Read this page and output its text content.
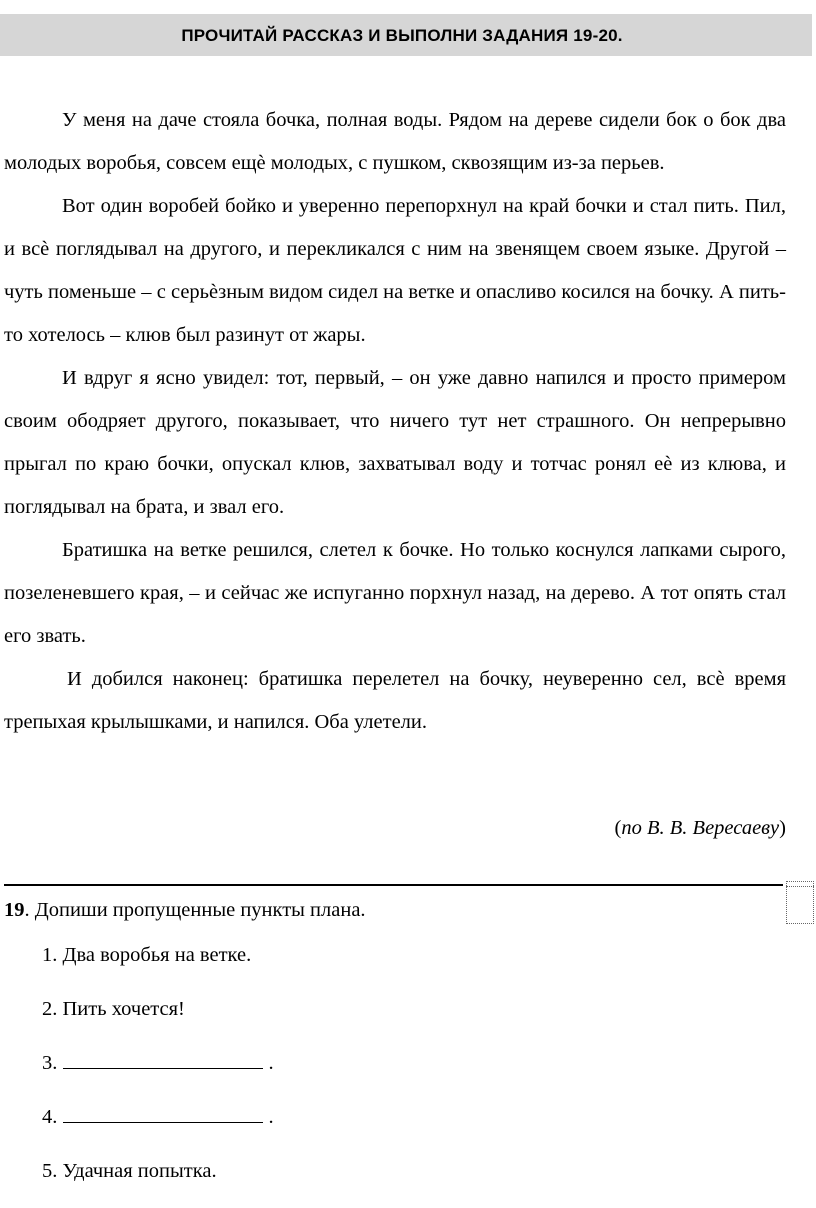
ПРОЧИТАЙ РАССКАЗ И ВЫПОЛНИ ЗАДАНИЯ 19-20.

У меня на даче стояла бочка, полная воды. Рядом на дереве сидели бок о бок два молодых воробья, совсем ещѐ молодых, с пушком, сквозящим из-за перьев.

Вот один воробей бойко и уверенно перепорхнул на край бочки и стал пить. Пил, и всѐ поглядывал на другого, и перекликался с ним на звенящем своем языке. Другой – чуть поменьше – с серьѐзным видом сидел на ветке и опасливо косился на бочку. А пить-то хотелось – клюв был разинут от жары.

И вдруг я ясно увидел: тот, первый, – он уже давно напился и просто примером своим ободряет другого, показывает, что ничего тут нет страшного. Он непрерывно прыгал по краю бочки, опускал клюв, захватывал воду и тотчас ронял еѐ из клюва, и поглядывал на брата, и звал его.

Братишка на ветке решился, слетел к бочке. Но только коснулся лапками сырого, позеленевшего края, – и сейчас же испуганно порхнул назад, на дерево. А тот опять стал его звать.

И добился наконец: братишка перелетел на бочку, неуверенно сел, всѐ время трепыхая крылышками, и напился. Оба улетели.

(по В. В. Вересаеву)
19. Допиши пропущенные пункты плана.
1. Два воробья на ветке.
2. Пить хочется!
3.	.
4.	.
5. Удачная попытка.
